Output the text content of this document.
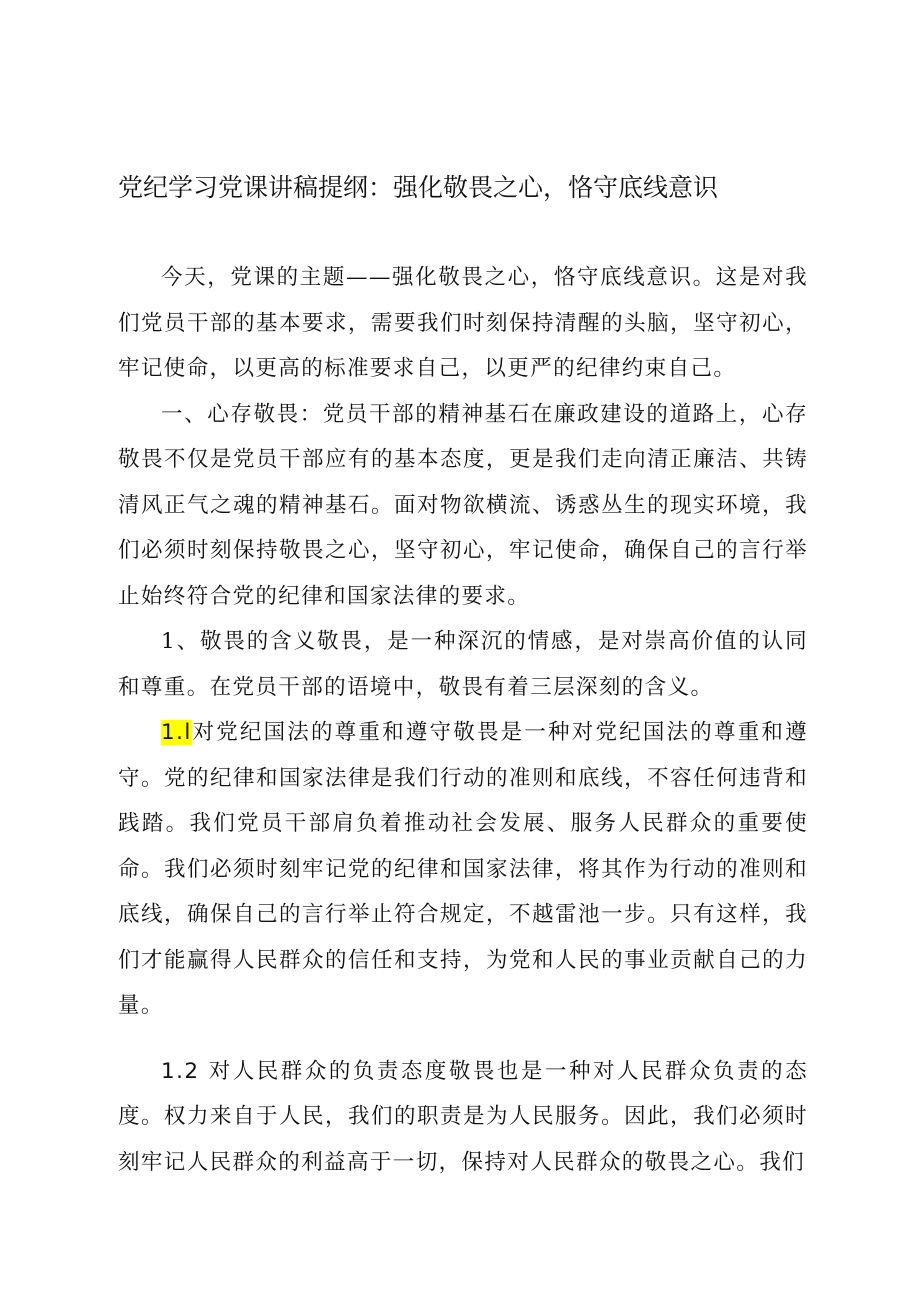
党纪学习党课讲稿提纲：强化敬畏之心，恪守底线意识

今天，党课的主题——强化敬畏之心，恪守底线意识。这是对我们党员干部的基本要求，需要我们时刻保持清醒的头脑，坚守初心，牢记使命，以更高的标准要求自己，以更严的纪律约束自己。

一、心存敬畏：党员干部的精神基石在廉政建设的道路上，心存敬畏不仅是党员干部应有的基本态度，更是我们走向清正廉洁、共铸清风正气之魂的精神基石。面对物欲横流、诱惑丛生的现实环境，我们必须时刻保持敬畏之心，坚守初心，牢记使命，确保自己的言行举止始终符合党的纪律和国家法律的要求。

1、敬畏的含义敬畏，是一种深沉的情感，是对崇高价值的认同和尊重。在党员干部的语境中，敬畏有着三层深刻的含义。

1.l对党纪国法的尊重和遵守敬畏是一种对党纪国法的尊重和遵守。党的纪律和国家法律是我们行动的准则和底线，不容任何违背和践踏。我们党员干部肩负着推动社会发展、服务人民群众的重要使命。我们必须时刻牢记党的纪律和国家法律，将其作为行动的准则和底线，确保自己的言行举止符合规定，不越雷池一步。只有这样，我们才能赢得人民群众的信任和支持，为党和人民的事业贡献自己的力量。

1.2 对人民群众的负责态度敬畏也是一种对人民群众负责的态度。权力来自于人民，我们的职责是为人民服务。因此，我们必须时刻牢记人民群众的利益高于一切，保持对人民群众的敬畏之心。我们
